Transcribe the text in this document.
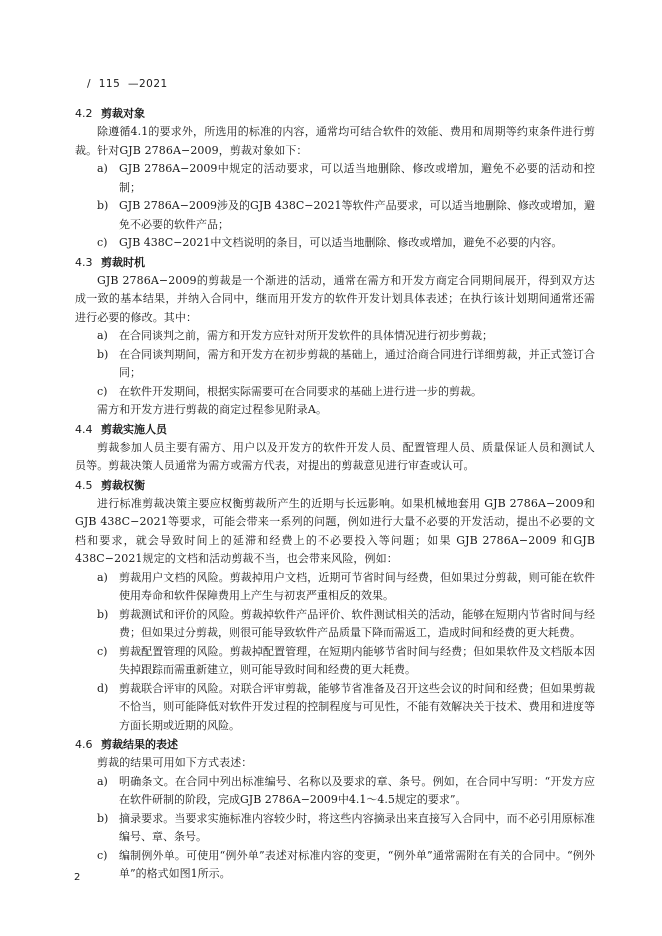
/ 115 —2021
4.2 剪裁对象
除遵循4.1的要求外，所选用的标准的内容，通常均可结合软件的效能、费用和周期等约束条件进行剪裁。针对GJB 2786A−2009，剪裁对象如下：
a) GJB 2786A−2009中规定的活动要求，可以适当地删除、修改或增加，避免不必要的活动和控制；
b) GJB 2786A−2009涉及的GJB 438C−2021等软件产品要求，可以适当地删除、修改或增加，避免不必要的软件产品；
c) GJB 438C−2021中文档说明的条目，可以适当地删除、修改或增加，避免不必要的内容。
4.3 剪裁时机
GJB 2786A−2009的剪裁是一个渐进的活动，通常在需方和开发方商定合同期间展开，得到双方达成一致的基本结果，并纳入合同中，继而用开发方的软件开发计划具体表述；在执行该计划期间通常还需进行必要的修改。其中：
a) 在合同谈判之前，需方和开发方应针对所开发软件的具体情况进行初步剪裁；
b) 在合同谈判期间，需方和开发方在初步剪裁的基础上，通过洽商合同进行详细剪裁，并正式签订合同；
c) 在软件开发期间，根据实际需要可在合同要求的基础上进行进一步的剪裁。
需方和开发方进行剪裁的商定过程参见附录A。
4.4 剪裁实施人员
剪裁参加人员主要有需方、用户以及开发方的软件开发人员、配置管理人员、质量保证人员和测试人员等。剪裁决策人员通常为需方或需方代表，对提出的剪裁意见进行审查或认可。
4.5 剪裁权衡
进行标准剪裁决策主要应权衡剪裁所产生的近期与长远影响。如果机械地套用 GJB 2786A−2009和GJB 438C−2021等要求，可能会带来一系列的问题，例如进行大量不必要的开发活动，提出不必要的文档和要求，就会导致时间上的延滞和经费上的不必要投入等问题；如果 GJB 2786A−2009 和GJB 438C−2021规定的文档和活动剪裁不当，也会带来风险，例如：
a) 剪裁用户文档的风险。剪裁掉用户文档，近期可节省时间与经费，但如果过分剪裁，则可能在软件使用寿命和软件保障费用上产生与初衷严重相反的效果。
b) 剪裁测试和评价的风险。剪裁掉软件产品评价、软件测试相关的活动，能够在短期内节省时间与经费；但如果过分剪裁，则很可能导致软件产品质量下降而需返工，造成时间和经费的更大耗费。
c) 剪裁配置管理的风险。剪裁掉配置管理，在短期内能够节省时间与经费；但如果软件及文档版本因失掉跟踪而需重新建立，则可能导致时间和经费的更大耗费。
d) 剪裁联合评审的风险。对联合评审剪裁，能够节省准备及召开这些会议的时间和经费；但如果剪裁不恰当，则可能降低对软件开发过程的控制程度与可见性，不能有效解决关于技术、费用和进度等方面长期或近期的风险。
4.6 剪裁结果的表述
剪裁的结果可用如下方式表述：
a) 明确条文。在合同中列出标准编号、名称以及要求的章、条号。例如，在合同中写明：“开发方应在软件研制的阶段，完成GJB 2786A−2009中4.1～4.5规定的要求”。
b) 摘录要求。当要求实施标准内容较少时，将这些内容摘录出来直接写入合同中，而不必引用原标准编号、章、条号。
c) 编制例外单。可使用“例外单”表述对标准内容的变更，“例外单”通常需附在有关的合同中。“例外单”的格式如图1所示。
2
